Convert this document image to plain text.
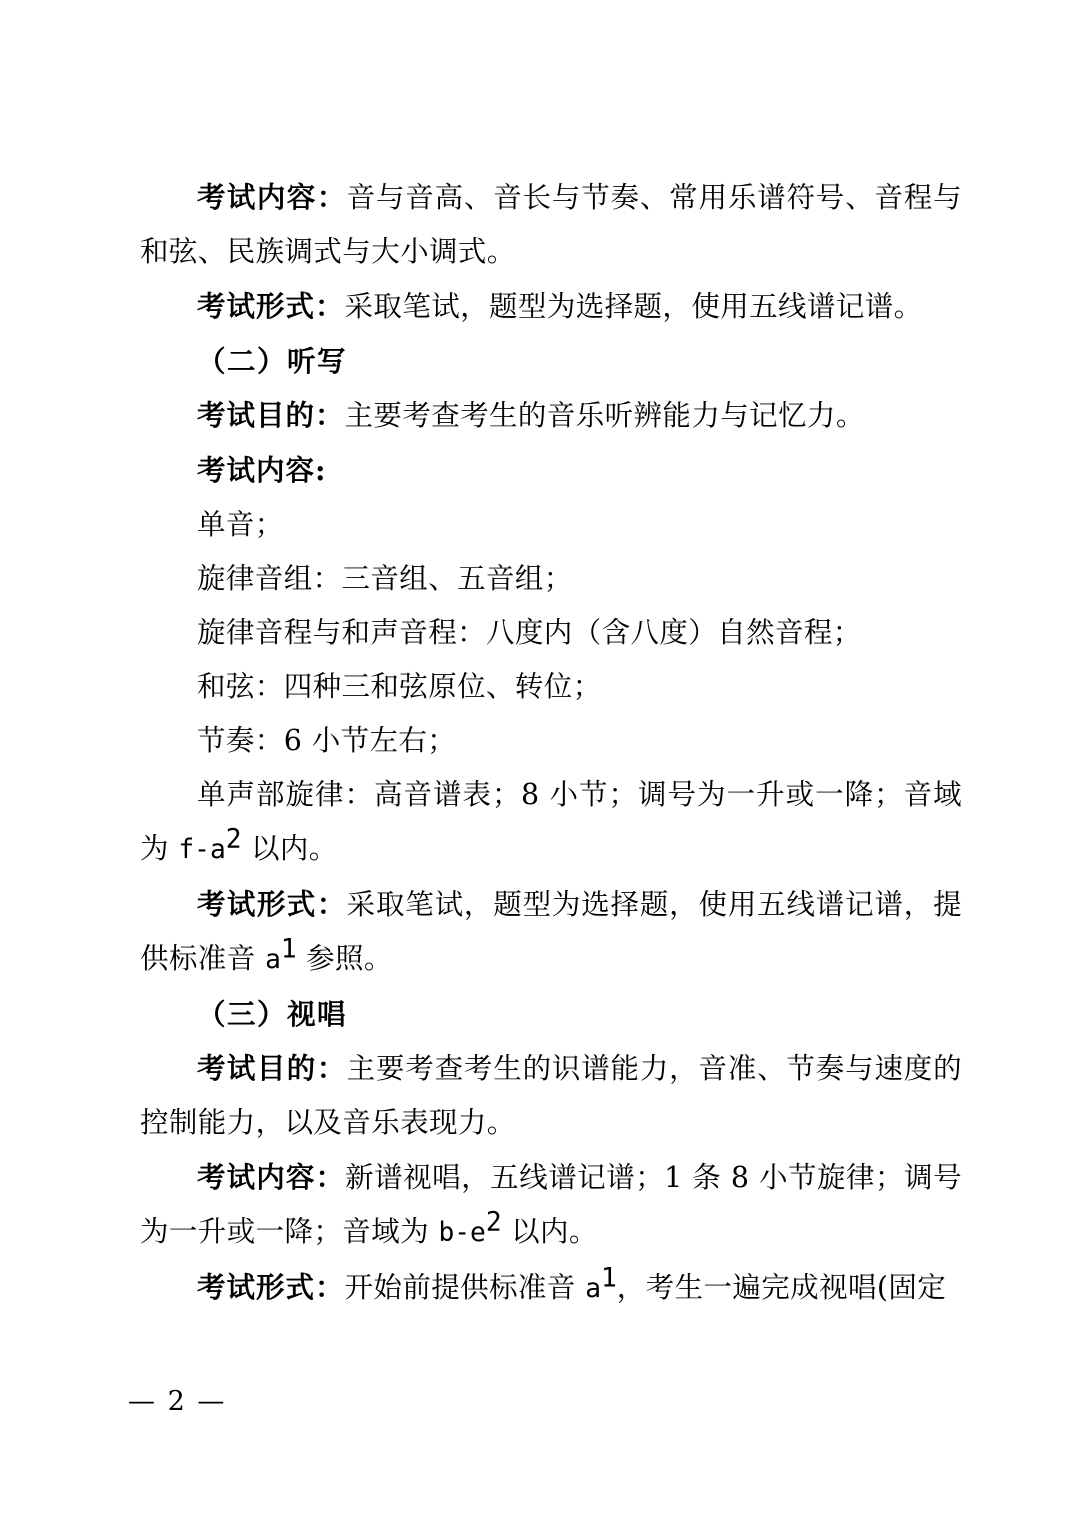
考试内容：音与音高、音长与节奏、常用乐谱符号、音程与和弦、民族调式与大小调式。

考试形式：采取笔试，题型为选择题，使用五线谱记谱。

（二）听写

考试目的：主要考查考生的音乐听辨能力与记忆力。

考试内容:

单音；

旋律音组：三音组、五音组；

旋律音程与和声音程：八度内（含八度）自然音程；

和弦：四种三和弦原位、转位；

节奏：6 小节左右；

单声部旋律：高音谱表；8 小节；调号为一升或一降；音域为 $f-a^2$ 以内。

考试形式：采取笔试，题型为选择题，使用五线谱记谱，提供标准音 $a^1$ 参照。

（三）视唱

考试目的：主要考查考生的识谱能力，音准、节奏与速度的控制能力，以及音乐表现力。

考试内容：新谱视唱，五线谱记谱；1 条 8 小节旋律；调号为一升或一降；音域为 $b-e^2$ 以内。

考试形式：开始前提供标准音 $a^1$，考生一遍完成视唱(固定

— 2 —
